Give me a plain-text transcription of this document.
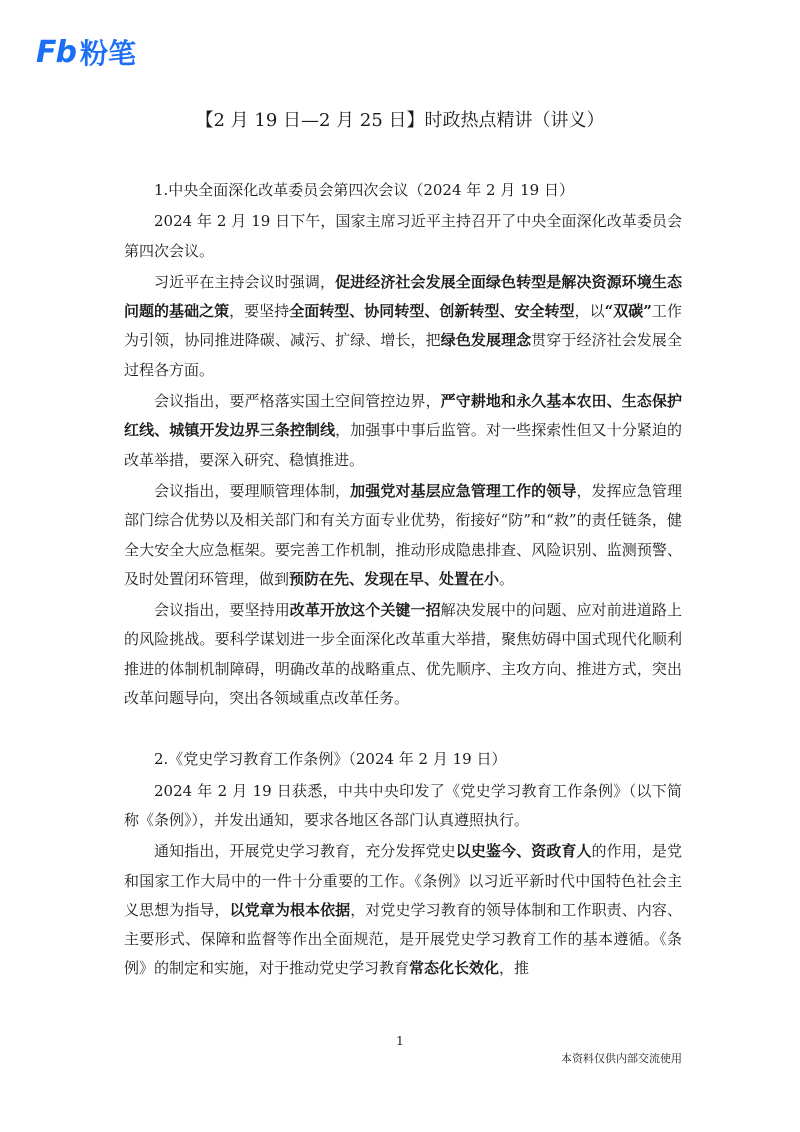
Fb 粉笔
【2 月 19 日—2 月 25 日】时政热点精讲（讲义）

1.中央全面深化改革委员会第四次会议（2024 年 2 月 19 日）

2024 年 2 月 19 日下午，国家主席习近平主持召开了中央全面深化改革委员会第四次会议。

习近平在主持会议时强调，促进经济社会发展全面绿色转型是解决资源环境生态问题的基础之策，要坚持全面转型、协同转型、创新转型、安全转型，以“双碳”工作为引领，协同推进降碳、减污、扩绿、增长，把绿色发展理念贯穿于经济社会发展全过程各方面。

会议指出，要严格落实国土空间管控边界，严守耕地和永久基本农田、生态保护红线、城镇开发边界三条控制线，加强事中事后监管。对一些探索性但又十分紧迫的改革举措，要深入研究、稳慎推进。

会议指出，要理顺管理体制，加强党对基层应急管理工作的领导，发挥应急管理部门综合优势以及相关部门和有关方面专业优势，衔接好“防”和“救”的责任链条，健全大安全大应急框架。要完善工作机制，推动形成隐患排查、风险识别、监测预警、及时处置闭环管理，做到预防在先、发现在早、处置在小。

会议指出，要坚持用改革开放这个关键一招解决发展中的问题、应对前进道路上的风险挑战。要科学谋划进一步全面深化改革重大举措，聚焦妨碍中国式现代化顺利推进的体制机制障碍，明确改革的战略重点、优先顺序、主攻方向、推进方式，突出改革问题导向，突出各领域重点改革任务。

2.《党史学习教育工作条例》（2024 年 2 月 19 日）

2024 年 2 月 19 日获悉，中共中央印发了《党史学习教育工作条例》（以下简称《条例》），并发出通知，要求各地区各部门认真遵照执行。

通知指出，开展党史学习教育，充分发挥党史以史鉴今、资政育人的作用，是党和国家工作大局中的一件十分重要的工作。《条例》以习近平新时代中国特色社会主义思想为指导，以党章为根本依据，对党史学习教育的领导体制和工作职责、内容、主要形式、保障和监督等作出全面规范，是开展党史学习教育工作的基本遵循。《条例》的制定和实施，对于推动党史学习教育常态化长效化，推

1
本资料仅供内部交流使用
